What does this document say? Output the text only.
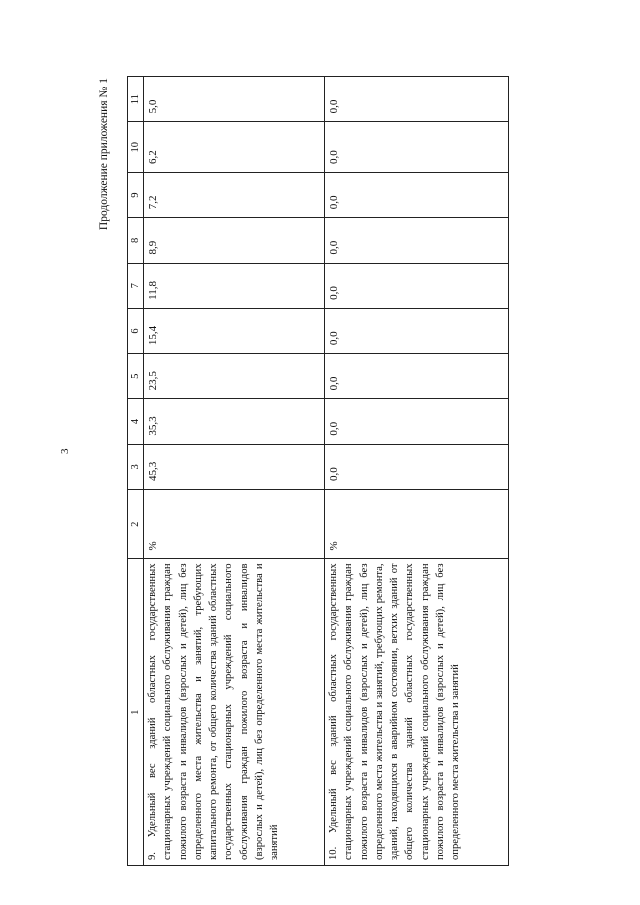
3
Продолжение приложения № 1
1	2	3	4	5	6	7	8	9	10	11
9. Удельный вес зданий областных государственных стационарных учреждений социального обслуживания граждан пожилого возраста и инвалидов (взрослых и детей), лиц без определенного места жительства и занятий, требующих капитального ремонта, от общего количества зданий областных государственных стационарных учреждений социального обслуживания граждан пожилого возраста и инвалидов (взрослых и детей), лиц без определенного места жительства и занятий	%	45,3	35,3	23,5	15,4	11,8	8,9	7,2	6,2	5,0
10. Удельный вес зданий областных государственных стационарных учреждений социального обслуживания граждан пожилого возраста и инвалидов (взрослых и детей), лиц без определенного места жительства и занятий, требующих ремонта, зданий, находящихся в аварийном состоянии, ветхих зданий от общего количества зданий областных государственных стационарных учреждений социального обслуживания граждан пожилого возраста и инвалидов (взрослых и детей), лиц без определенного места жительства и занятий	%	0,0	0,0	0,0	0,0	0,0	0,0	0,0	0,0	0,0
